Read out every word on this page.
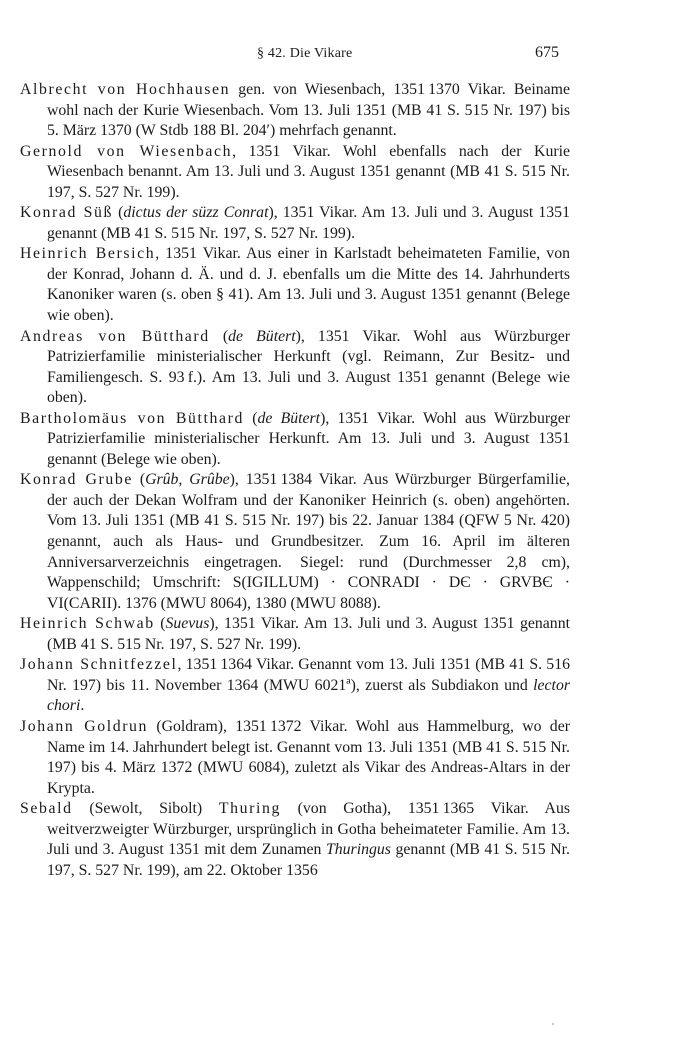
§ 42. Die Vikare	675

Albrecht von Hochhausen gen. von Wiesenbach, 1351 1370 Vikar. Beiname wohl nach der Kurie Wiesenbach. Vom 13. Juli 1351 (MB 41 S. 515 Nr. 197) bis 5. März 1370 (W Stdb 188 Bl. 204′) mehrfach genannt.

Gernold von Wiesenbach, 1351 Vikar. Wohl ebenfalls nach der Kurie Wiesenbach benannt. Am 13. Juli und 3. August 1351 genannt (MB 41 S. 515 Nr. 197, S. 527 Nr. 199).

Konrad Süß (dictus der süzz Conrat), 1351 Vikar. Am 13. Juli und 3. August 1351 genannt (MB 41 S. 515 Nr. 197, S. 527 Nr. 199).

Heinrich Bersich, 1351 Vikar. Aus einer in Karlstadt beheimateten Familie, von der Konrad, Johann d. Ä. und d. J. ebenfalls um die Mitte des 14. Jahrhunderts Kanoniker waren (s. oben § 41). Am 13. Juli und 3. August 1351 genannt (Belege wie oben).

Andreas von Bütthard (de Bütert), 1351 Vikar. Wohl aus Würzburger Patrizierfamilie ministerialischer Herkunft (vgl. Reimann, Zur Besitz- und Familiengesch. S. 93 f.). Am 13. Juli und 3. August 1351 genannt (Belege wie oben).

Bartholomäus von Bütthard (de Bütert), 1351 Vikar. Wohl aus Würzburger Patrizierfamilie ministerialischer Herkunft. Am 13. Juli und 3. August 1351 genannt (Belege wie oben).

Konrad Grube (Grûb, Grûbe), 1351 1384 Vikar. Aus Würzburger Bürgerfamilie, der auch der Dekan Wolfram und der Kanoniker Heinrich (s. oben) angehörten. Vom 13. Juli 1351 (MB 41 S. 515 Nr. 197) bis 22. Januar 1384 (QFW 5 Nr. 420) genannt, auch als Haus- und Grundbesitzer.  Zum 16. April im älteren Anniversarverzeichnis eingetragen.  Siegel: rund (Durchmesser 2,8 cm), Wappenschild; Umschrift: S(IGILLUM) · CONRADI · DЄ · GRVBЄ · VI(CARII). 1376 (MWU 8064), 1380 (MWU 8088).

Heinrich Schwab (Suevus), 1351 Vikar. Am 13. Juli und 3. August 1351 genannt (MB 41 S. 515 Nr. 197, S. 527 Nr. 199).

Johann Schnitfezzel, 1351 1364 Vikar. Genannt vom 13. Juli 1351 (MB 41 S. 516 Nr. 197) bis 11. November 1364 (MWU 6021ª), zuerst als Subdiakon und lector chori.

Johann Goldrun (Goldram), 1351 1372 Vikar. Wohl aus Hammelburg, wo der Name im 14. Jahrhundert belegt ist. Genannt vom 13. Juli 1351 (MB 41 S. 515 Nr. 197) bis 4. März 1372 (MWU 6084), zuletzt als Vikar des Andreas-Altars in der Krypta.

Sebald (Sewolt, Sibolt) Thuring (von Gotha), 1351 1365 Vikar. Aus weitverzweigter Würzburger, ursprünglich in Gotha beheimateter Familie. Am 13. Juli und 3. August 1351 mit dem Zunamen Thuringus genannt (MB 41 S. 515 Nr. 197, S. 527 Nr. 199), am 22. Oktober 1356
